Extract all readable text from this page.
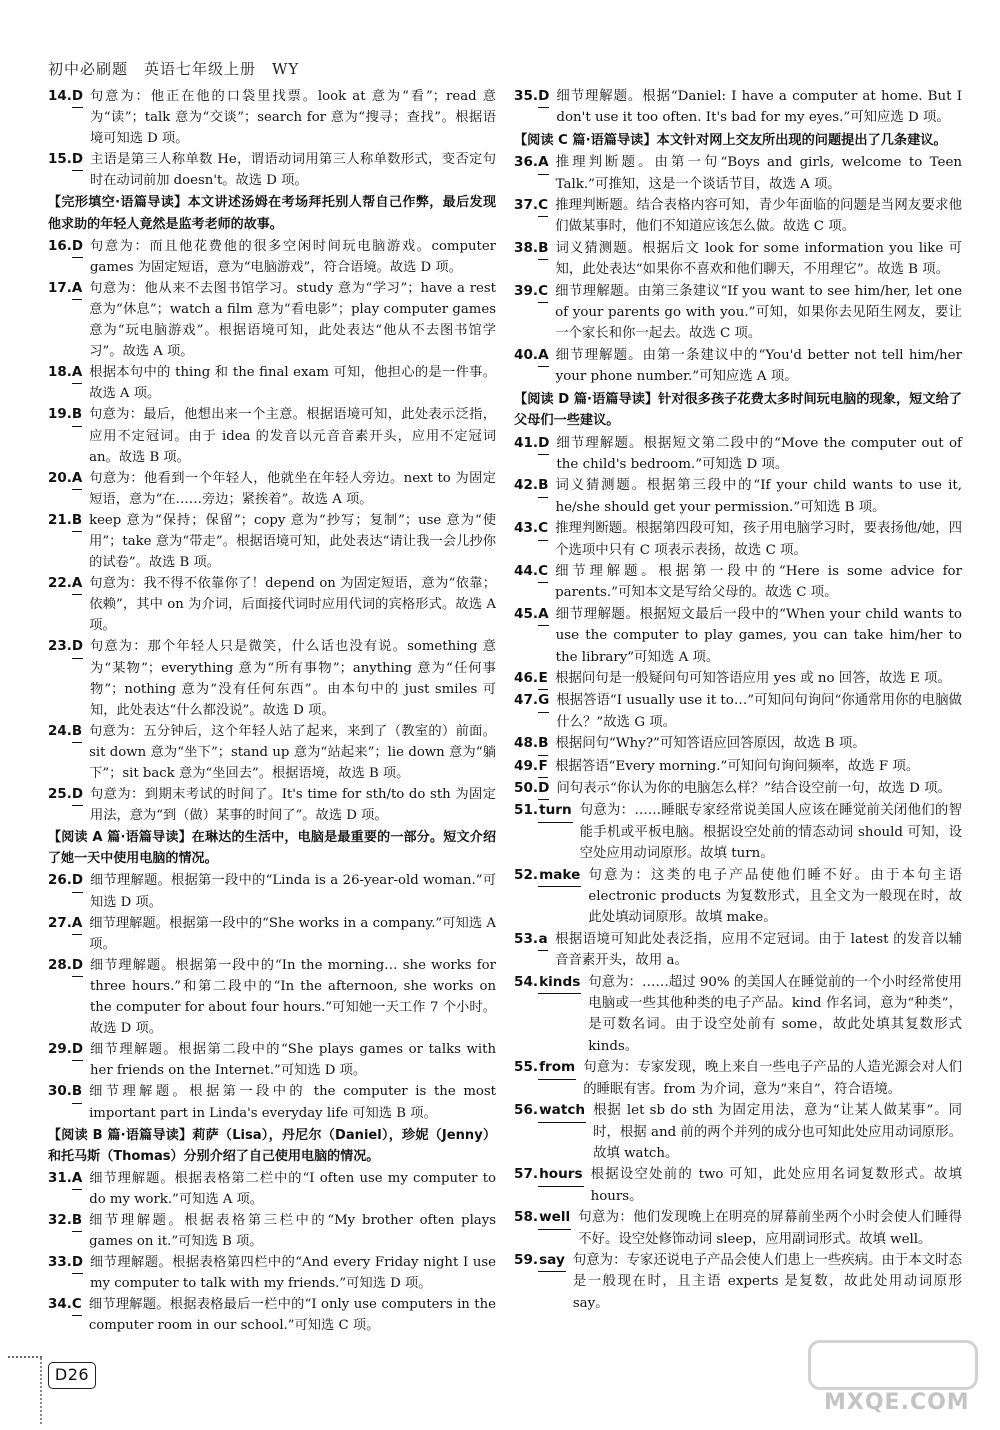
初中必刷题　英语七年级上册　WY
14.D 句意为：他正在他的口袋里找票。look at 意为“看”；read 意为“读”；talk 意为“交谈”；search for 意为“搜寻；查找”。根据语境可知选 D 项。
15.D 主语是第三人称单数 He，谓语动词用第三人称单数形式，变否定句时在动词前加 doesn't。故选 D 项。
【完形填空·语篇导读】本文讲述汤姆在考场拜托别人帮自己作弊，最后发现他求助的年轻人竟然是监考老师的故事。
16.D 句意为：而且他花费他的很多空闲时间玩电脑游戏。computer games 为固定短语，意为“电脑游戏”，符合语境。故选 D 项。
17.A 句意为：他从来不去图书馆学习。study 意为“学习”；have a rest 意为“休息”；watch a film 意为“看电影”；play computer games 意为“玩电脑游戏”。根据语境可知，此处表达“他从不去图书馆学习”。故选 A 项。
18.A 根据本句中的 thing 和 the final exam 可知，他担心的是一件事。故选 A 项。
19.B 句意为：最后，他想出来一个主意。根据语境可知，此处表示泛指，应用不定冠词。由于 idea 的发音以元音音素开头，应用不定冠词 an。故选 B 项。
20.A 句意为：他看到一个年轻人，他就坐在年轻人旁边。next to 为固定短语，意为“在……旁边；紧挨着”。故选 A 项。
21.B keep 意为“保持；保留”；copy 意为“抄写；复制”；use 意为“使用”；take 意为“带走”。根据语境可知，此处表达“请让我一会儿抄你的试卷”。故选 B 项。
22.A 句意为：我不得不依靠你了！depend on 为固定短语，意为“依靠；依赖”，其中 on 为介词，后面接代词时应用代词的宾格形式。故选 A 项。
23.D 句意为：那个年轻人只是微笑，什么话也没有说。something 意为“某物”；everything 意为“所有事物”；anything 意为“任何事物”；nothing 意为“没有任何东西”。由本句中的 just smiles 可知，此处表达“什么都没说”。故选 D 项。
24.B 句意为：五分钟后，这个年轻人站了起来，来到了（教室的）前面。sit down 意为“坐下”；stand up 意为“站起来”；lie down 意为“躺下”；sit back 意为“坐回去”。根据语境，故选 B 项。
25.D 句意为：到期末考试的时间了。It's time for sth/to do sth 为固定用法，意为“到（做）某事的时间了”。故选 D 项。
【阅读 A 篇·语篇导读】在琳达的生活中，电脑是最重要的一部分。短文介绍了她一天中使用电脑的情况。
26.D 细节理解题。根据第一段中的“Linda is a 26-year-old woman.”可知选 D 项。
27.A 细节理解题。根据第一段中的“She works in a company.”可知选 A 项。
28.D 细节理解题。根据第一段中的“In the morning… she works for three hours.”和第二段中的“In the afternoon, she works on the computer for about four hours.”可知她一天工作 7 个小时。故选 D 项。
29.D 细节理解题。根据第二段中的“She plays games or talks with her friends on the Internet.”可知选 D 项。
30.B 细节理解题。根据第一段中的 the computer is the most important part in Linda's everyday life 可知选 B 项。
【阅读 B 篇·语篇导读】莉萨（Lisa），丹尼尔（Daniel），珍妮（Jenny）和托马斯（Thomas）分别介绍了自己使用电脑的情况。
31.A 细节理解题。根据表格第二栏中的“I often use my computer to do my work.”可知选 A 项。
32.B 细节理解题。根据表格第三栏中的“My brother often plays games on it.”可知选 B 项。
33.D 细节理解题。根据表格第四栏中的“And every Friday night I use my computer to talk with my friends.”可知选 D 项。
34.C 细节理解题。根据表格最后一栏中的“I only use computers in the computer room in our school.”可知选 C 项。
35.D 细节理解题。根据“Daniel: I have a computer at home. But I don't use it too often. It's bad for my eyes.”可知应选 D 项。
【阅读 C 篇·语篇导读】本文针对网上交友所出现的问题提出了几条建议。
36.A 推理判断题。由第一句“Boys and girls, welcome to Teen Talk.”可推知，这是一个谈话节目，故选 A 项。
37.C 推理判断题。结合表格内容可知，青少年面临的问题是当网友要求他们做某事时，他们不知道应该怎么做。故选 C 项。
38.B 词义猜测题。根据后文 look for some information you like 可知，此处表达“如果你不喜欢和他们聊天，不用理它”。故选 B 项。
39.C 细节理解题。由第三条建议“If you want to see him/her, let one of your parents go with you.”可知，如果你去见陌生网友，要让一个家长和你一起去。故选 C 项。
40.A 细节理解题。由第一条建议中的“You'd better not tell him/her your phone number.”可知应选 A 项。
【阅读 D 篇·语篇导读】针对很多孩子花费太多时间玩电脑的现象，短文给了父母们一些建议。
41.D 细节理解题。根据短文第二段中的“Move the computer out of the child's bedroom.”可知选 D 项。
42.B 词义猜测题。根据第三段中的“If your child wants to use it, he/she should get your permission.”可知选 B 项。
43.C 推理判断题。根据第四段可知，孩子用电脑学习时，要表扬他/她，四个选项中只有 C 项表示表扬，故选 C 项。
44.C 细节理解题。根据第一段中的“Here is some advice for parents.”可知本文是写给父母的。故选 C 项。
45.A 细节理解题。根据短文最后一段中的“When your child wants to use the computer to play games, you can take him/her to the library”可知选 A 项。
46.E 根据问句是一般疑问句可知答语应用 yes 或 no 回答，故选 E 项。
47.G 根据答语“I usually use it to…”可知问句询问“你通常用你的电脑做什么？”故选 G 项。
48.B 根据问句“Why?”可知答语应回答原因，故选 B 项。
49.F 根据答语“Every morning.”可知问句询问频率，故选 F 项。
50.D 问句表示“你认为你的电脑怎么样？”结合设空前一句，故选 D 项。
51.turn 句意为：……睡眠专家经常说美国人应该在睡觉前关闭他们的智能手机或平板电脑。根据设空处前的情态动词 should 可知，设空处应用动词原形。故填 turn。
52.make 句意为：这类的电子产品使他们睡不好。由于本句主语 electronic products 为复数形式，且全文为一般现在时，故此处填动词原形。故填 make。
53.a 根据语境可知此处表泛指，应用不定冠词。由于 latest 的发音以辅音音素开头，故用 a。
54.kinds 句意为：……超过 90% 的美国人在睡觉前的一个小时经常使用电脑或一些其他种类的电子产品。kind 作名词，意为“种类”，是可数名词。由于设空处前有 some，故此处填其复数形式 kinds。
55.from 句意为：专家发现，晚上来自一些电子产品的人造光源会对人们的睡眠有害。from 为介词，意为“来自”，符合语境。
56.watch 根据 let sb do sth 为固定用法，意为“让某人做某事”。同时，根据 and 前的两个并列的成分也可知此处应用动词原形。故填 watch。
57.hours 根据设空处前的 two 可知，此处应用名词复数形式。故填 hours。
58.well 句意为：他们发现晚上在明亮的屏幕前坐两个小时会使人们睡得不好。设空处修饰动词 sleep，应用副词形式。故填 well。
59.say 句意为：专家还说电子产品会使人们患上一些疾病。由于本文时态是一般现在时，且主语 experts 是复数，故此处用动词原形 say。
D26
MXQE.COM
